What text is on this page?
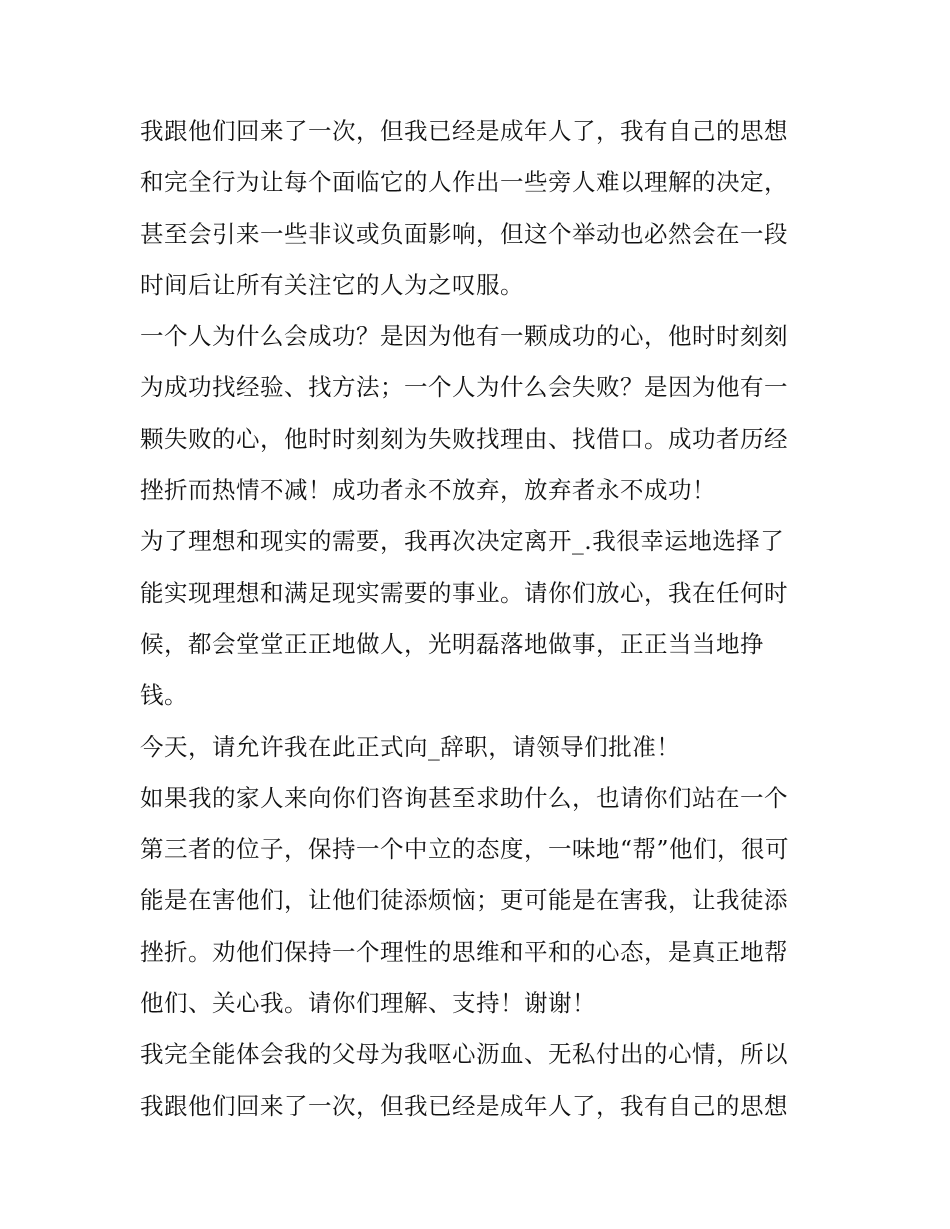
我跟他们回来了一次，但我已经是成年人了，我有自己的思想
和完全行为让每个面临它的人作出一些旁人难以理解的决定，
甚至会引来一些非议或负面影响，但这个举动也必然会在一段
时间后让所有关注它的人为之叹服。
一个人为什么会成功？是因为他有一颗成功的心，他时时刻刻
为成功找经验、找方法；一个人为什么会失败？是因为他有一
颗失败的心，他时时刻刻为失败找理由、找借口。成功者历经
挫折而热情不减！成功者永不放弃，放弃者永不成功！
为了理想和现实的需要，我再次决定离开_.我很幸运地选择了
能实现理想和满足现实需要的事业。请你们放心，我在任何时
候，都会堂堂正正地做人，光明磊落地做事，正正当当地挣
钱。
今天，请允许我在此正式向_辞职，请领导们批准！
如果我的家人来向你们咨询甚至求助什么，也请你们站在一个
第三者的位子，保持一个中立的态度，一味地“帮”他们，很可
能是在害他们，让他们徒添烦恼；更可能是在害我，让我徒添
挫折。劝他们保持一个理性的思维和平和的心态，是真正地帮
他们、关心我。请你们理解、支持！谢谢！
我完全能体会我的父母为我呕心沥血、无私付出的心情，所以
我跟他们回来了一次，但我已经是成年人了，我有自己的思想
